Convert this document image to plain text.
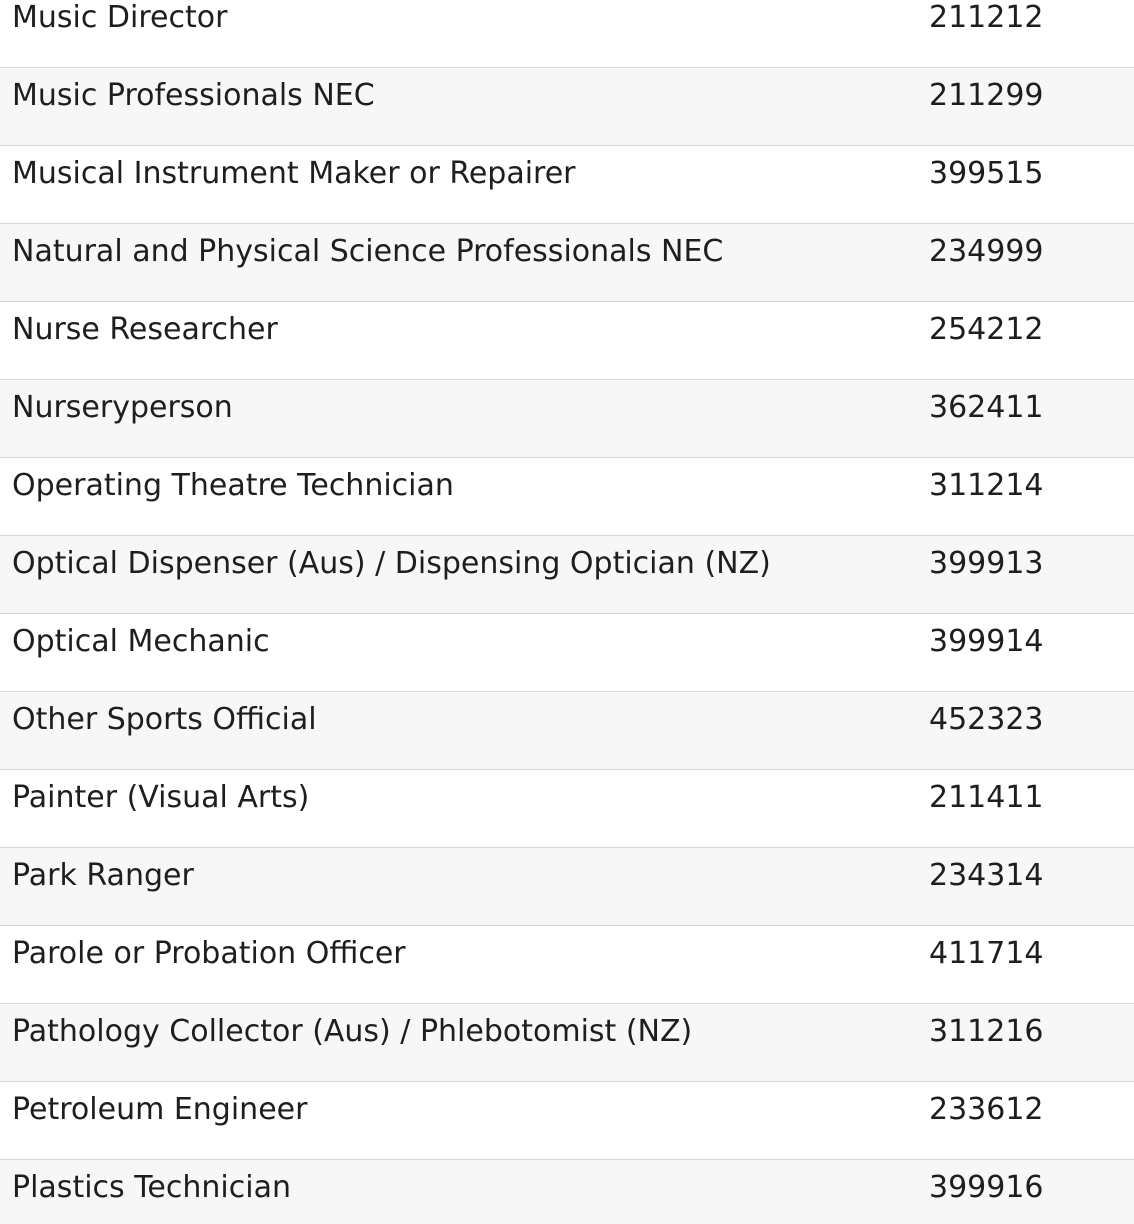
Music Director	211212
Music Professionals NEC	211299
Musical Instrument Maker or Repairer	399515
Natural and Physical Science Professionals NEC	234999
Nurse Researcher	254212
Nurseryperson	362411
Operating Theatre Technician	311214
Optical Dispenser (Aus) / Dispensing Optician (NZ)	399913
Optical Mechanic	399914
Other Sports Official	452323
Painter (Visual Arts)	211411
Park Ranger	234314
Parole or Probation Officer	411714
Pathology Collector (Aus) / Phlebotomist (NZ)	311216
Petroleum Engineer	233612
Plastics Technician	399916
